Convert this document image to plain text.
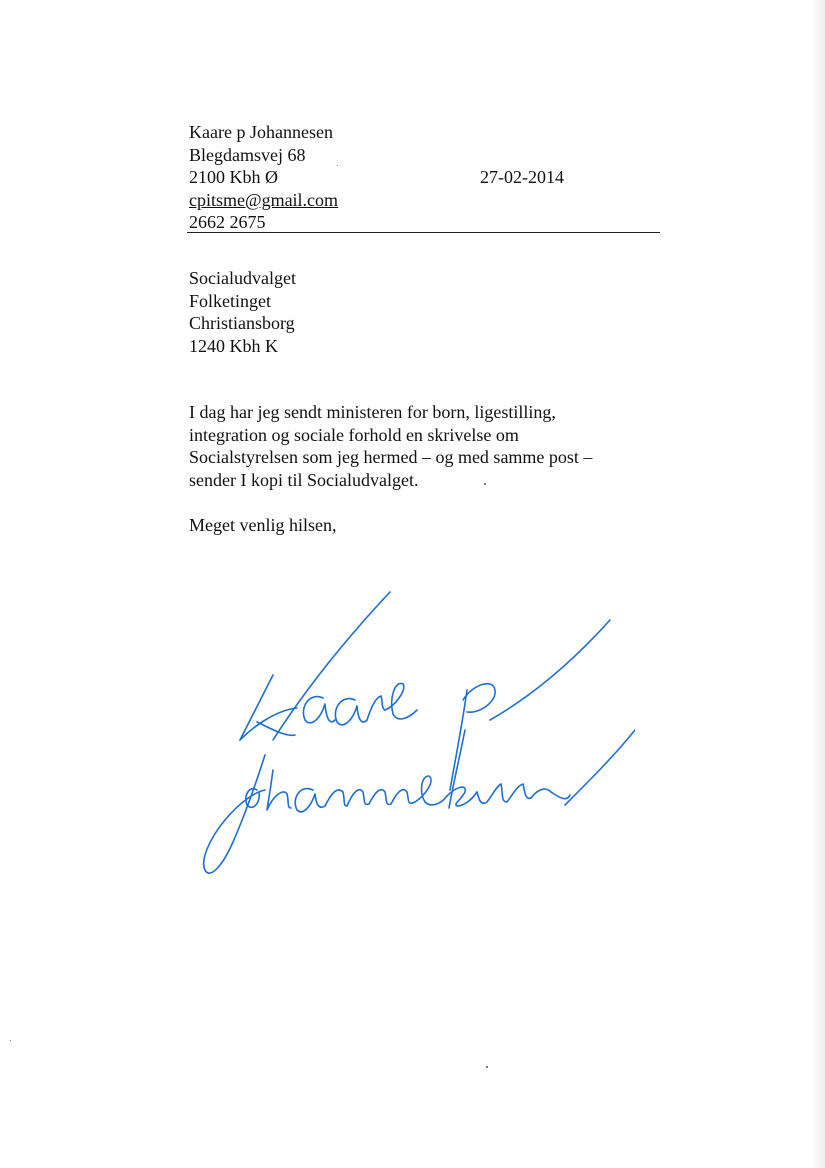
Kaare p Johannesen
Blegdamsvej 68
2100 Kbh Ø
cpitsme@gmail.com
2662 2675
27-02-2014
Socialudvalget
Folketinget
Christiansborg
1240 Kbh K
I dag har jeg sendt ministeren for born, ligestilling,
integration og sociale forhold en skrivelse om
Socialstyrelsen som jeg hermed – og med samme post –
sender I kopi til Socialudvalget.
Meget venlig hilsen,
